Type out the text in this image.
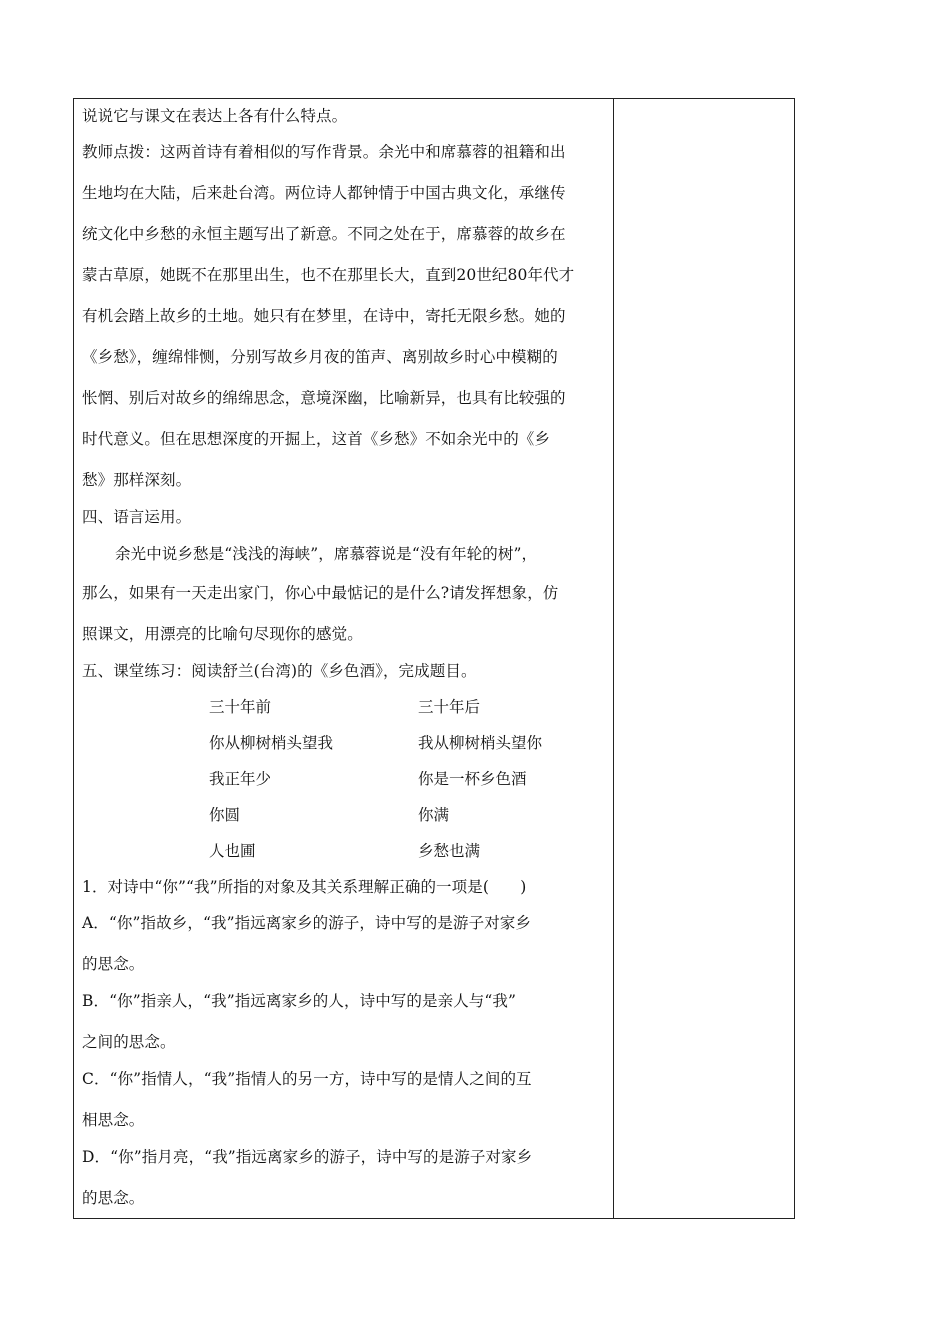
说说它与课文在表达上各有什么特点。
教师点拨：这两首诗有着相似的写作背景。余光中和席慕蓉的祖籍和出
生地均在大陆，后来赴台湾。两位诗人都钟情于中国古典文化，承继传
统文化中乡愁的永恒主题写出了新意。不同之处在于，席慕蓉的故乡在
蒙古草原，她既不在那里出生，也不在那里长大，直到20世纪80年代才
有机会踏上故乡的土地。她只有在梦里，在诗中，寄托无限乡愁。她的
《乡愁》，缠绵悱恻，分别写故乡月夜的笛声、离别故乡时心中模糊的
怅惘、别后对故乡的绵绵思念，意境深幽，比喻新异，也具有比较强的
时代意义。但在思想深度的开掘上，这首《乡愁》不如余光中的《乡
愁》那样深刻。
四、语言运用。
余光中说乡愁是“浅浅的海峡”，席慕蓉说是“没有年轮的树”，
那么，如果有一天走出家门，你心中最惦记的是什么?请发挥想象，仿
照课文，用漂亮的比喻句尽现你的感觉。
五、课堂练习：阅读舒兰(台湾)的《乡色酒》，完成题目。
三十年前	三十年后
你从柳树梢头望我	我从柳树梢头望你
我正年少	你是一杯乡色酒
你圆	你满
人也圃	乡愁也满
1．对诗中“你”“我”所指的对象及其关系理解正确的一项是(　　)
A．“你”指故乡，“我”指远离家乡的游子，诗中写的是游子对家乡
的思念。
B．“你”指亲人，“我”指远离家乡的人，诗中写的是亲人与“我”
之间的思念。
C．“你”指情人，“我”指情人的另一方，诗中写的是情人之间的互
相思念。
D．“你”指月亮，“我”指远离家乡的游子，诗中写的是游子对家乡
的思念。
